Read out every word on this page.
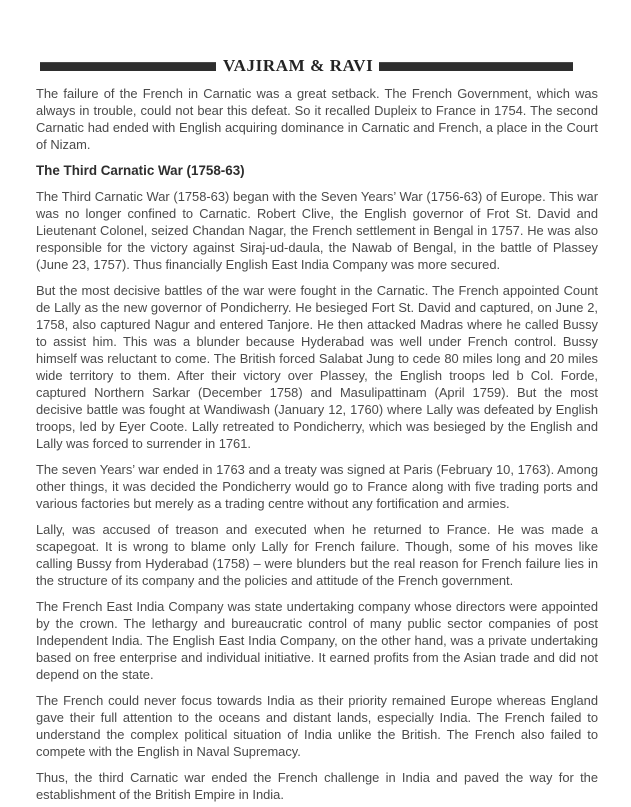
VAJIRAM & RAVI

The failure of the French in Carnatic was a great setback. The French Government, which was always in trouble, could not bear this defeat. So it recalled Dupleix to France in 1754. The second Carnatic had ended with English acquiring dominance in Carnatic and French, a place in the Court of Nizam.

The Third Carnatic War (1758-63)

The Third Carnatic War (1758-63) began with the Seven Years’ War (1756-63) of Europe. This war was no longer confined to Carnatic. Robert Clive, the English governor of Frot St. David and Lieutenant Colonel, seized Chandan Nagar, the French settlement in Bengal in 1757. He was also responsible for the victory against Siraj-ud-daula, the Nawab of Bengal, in the battle of Plassey (June 23, 1757). Thus financially English East India Company was more secured.

But the most decisive battles of the war were fought in the Carnatic. The French appointed Count de Lally as the new governor of Pondicherry. He besieged Fort St. David and captured, on June 2, 1758, also captured Nagur and entered Tanjore. He then attacked Madras where he called Bussy to assist him. This was a blunder because Hyderabad was well under French control. Bussy himself was reluctant to come. The British forced Salabat Jung to cede 80 miles long and 20 miles wide territory to them. After their victory over Plassey, the English troops led b Col. Forde, captured Northern Sarkar (December 1758) and Masulipattinam (April 1759). But the most decisive battle was fought at Wandiwash (January 12, 1760) where Lally was defeated by English troops, led by Eyer Coote. Lally retreated to Pondicherry, which was besieged by the English and Lally was forced to surrender in 1761.

The seven Years’ war ended in 1763 and a treaty was signed at Paris (February 10, 1763). Among other things, it was decided the Pondicherry would go to France along with five trading ports and various factories but merely as a trading centre without any fortification and armies.

Lally, was accused of treason and executed when he returned to France. He was made a scapegoat. It is wrong to blame only Lally for French failure. Though, some of his moves like calling Bussy from Hyderabad (1758) – were blunders but the real reason for French failure lies in the structure of its company and the policies and attitude of the French government.

The French East India Company was state undertaking company whose directors were appointed by the crown. The lethargy and bureaucratic control of many public sector companies of post Independent India. The English East India Company, on the other hand, was a private undertaking based on free enterprise and individual initiative. It earned profits from the Asian trade and did not depend on the state.

The French could never focus towards India as their priority remained Europe whereas England gave their full attention to the oceans and distant lands, especially India. The French failed to understand the complex political situation of India unlike the British. The French also failed to compete with the English in Naval Supremacy.

Thus, the third Carnatic war ended the French challenge in India and paved the way for the establishment of the British Empire in India.
